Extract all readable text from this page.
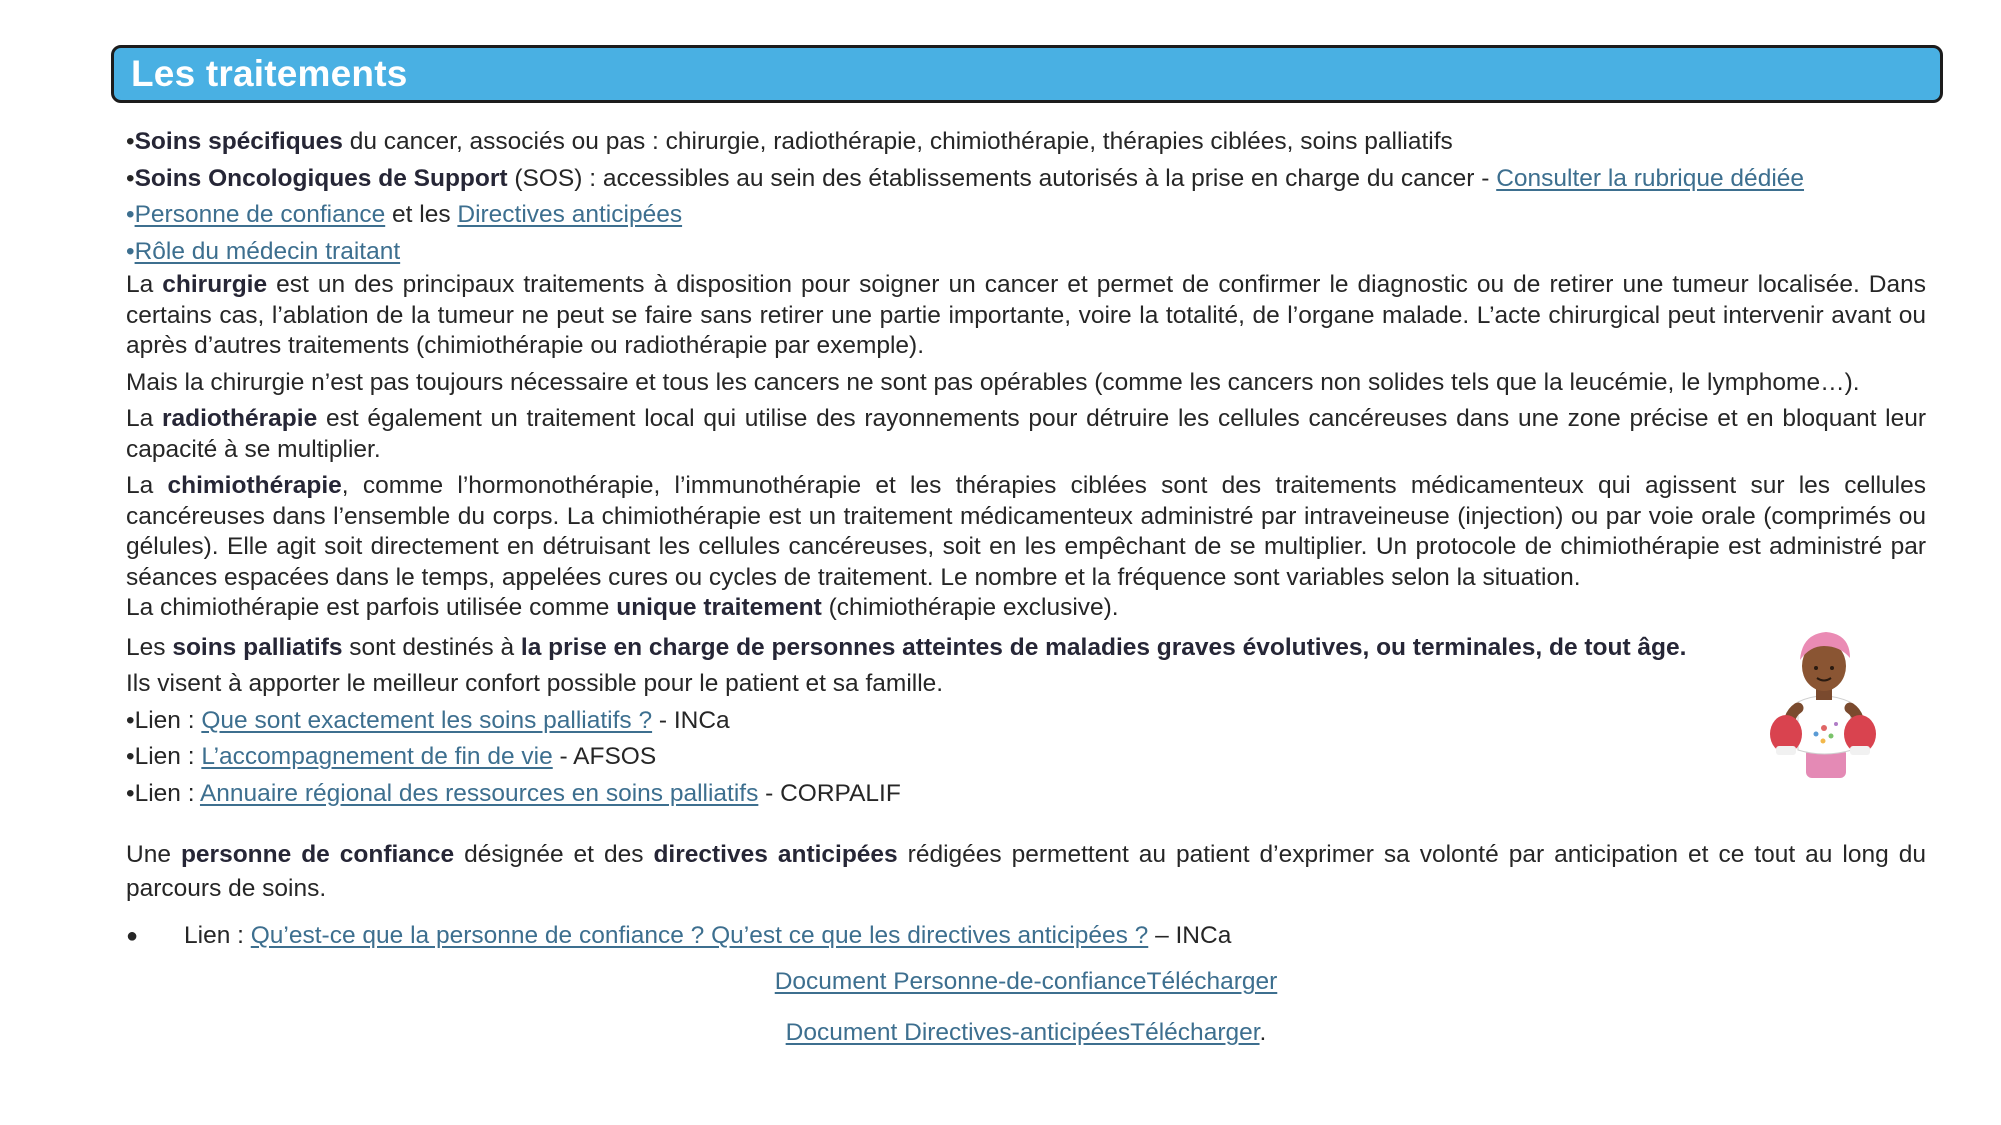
Les traitements

•Soins spécifiques du cancer, associés ou pas : chirurgie, radiothérapie, chimiothérapie, thérapies ciblées, soins palliatifs

•Soins Oncologiques de Support (SOS) : accessibles au sein des établissements autorisés à la prise en charge du cancer - Consulter la rubrique dédiée

•Personne de confiance et les Directives anticipées

•Rôle du médecin traitant

La chirurgie est un des principaux traitements à disposition pour soigner un cancer et permet de confirmer le diagnostic ou de retirer une tumeur localisée. Dans certains cas, l’ablation de la tumeur ne peut se faire sans retirer une partie importante, voire la totalité, de l’organe malade. L’acte chirurgical peut intervenir avant ou après d’autres traitements (chimiothérapie ou radiothérapie par exemple).

Mais la chirurgie n’est pas toujours nécessaire et tous les cancers ne sont pas opérables (comme les cancers non solides tels que la leucémie, le lymphome…).

La radiothérapie est également un traitement local qui utilise des rayonnements pour détruire les cellules cancéreuses dans une zone précise et en bloquant leur capacité à se multiplier.

La chimiothérapie, comme l’hormonothérapie, l’immunothérapie et les thérapies ciblées sont des traitements médicamenteux qui agissent sur les cellules cancéreuses dans l’ensemble du corps. La chimiothérapie est un traitement médicamenteux administré par intraveineuse (injection) ou par voie orale (comprimés ou gélules). Elle agit soit directement en détruisant les cellules cancéreuses, soit en les empêchant de se multiplier. Un protocole de chimiothérapie est administré par séances espacées dans le temps, appelées cures ou cycles de traitement. Le nombre et la fréquence sont variables selon la situation.

La chimiothérapie est parfois utilisée comme unique traitement (chimiothérapie exclusive).

Les soins palliatifs sont destinés à la prise en charge de personnes atteintes de maladies graves évolutives, ou terminales, de tout âge.

Ils visent à apporter le meilleur confort possible pour le patient et sa famille.

•Lien : Que sont exactement les soins palliatifs ? - INCa

•Lien : L’accompagnement de fin de vie - AFSOS

•Lien : Annuaire régional des ressources en soins palliatifs - CORPALIF

Une personne de confiance désignée et des directives anticipées rédigées permettent au patient d’exprimer sa volonté par anticipation et ce tout au long du parcours de soins.

● Lien : Qu’est-ce que la personne de confiance ? Qu’est ce que les directives anticipées ? – INCa

Document Personne-de-confianceTélécharger

Document Directives-anticipéesTélécharger.
